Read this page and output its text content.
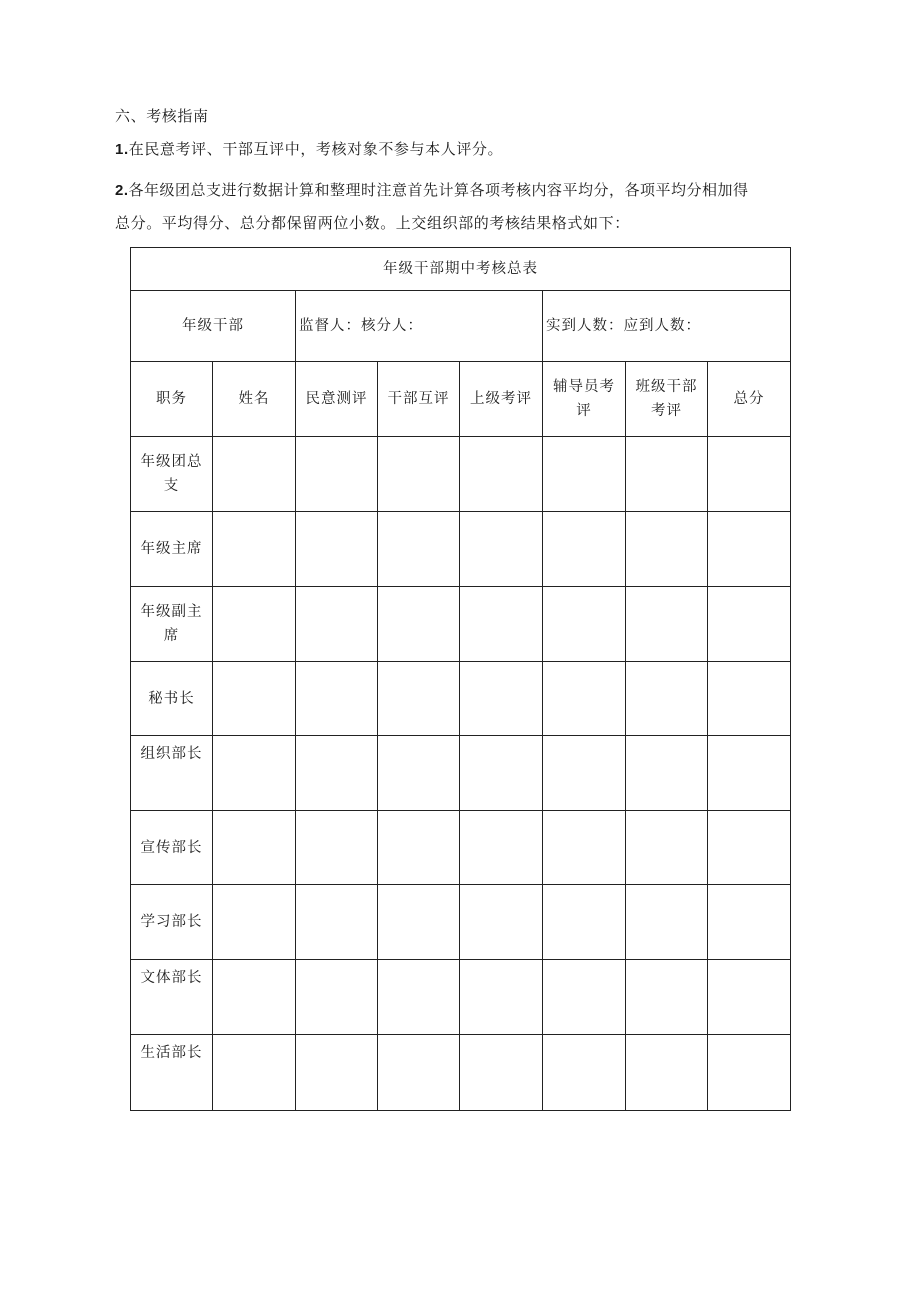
六、考核指南
1.在民意考评、干部互评中，考核对象不参与本人评分。
2.各年级团总支进行数据计算和整理时注意首先计算各项考核内容平均分，各项平均分相加得
总分。平均得分、总分都保留两位小数。上交组织部的考核结果格式如下：
年级干部期中考核总表							
年级干部		监督人：核分人：			实到人数：应到人数：		
职务	姓名	民意测评	干部互评	上级考评	辅导员考评	班级干部考评	总分
年级团总支							
年级主席							
年级副主席							
秘书长							
组织部长							
宣传部长							
学习部长							
文体部长							
生活部长							
